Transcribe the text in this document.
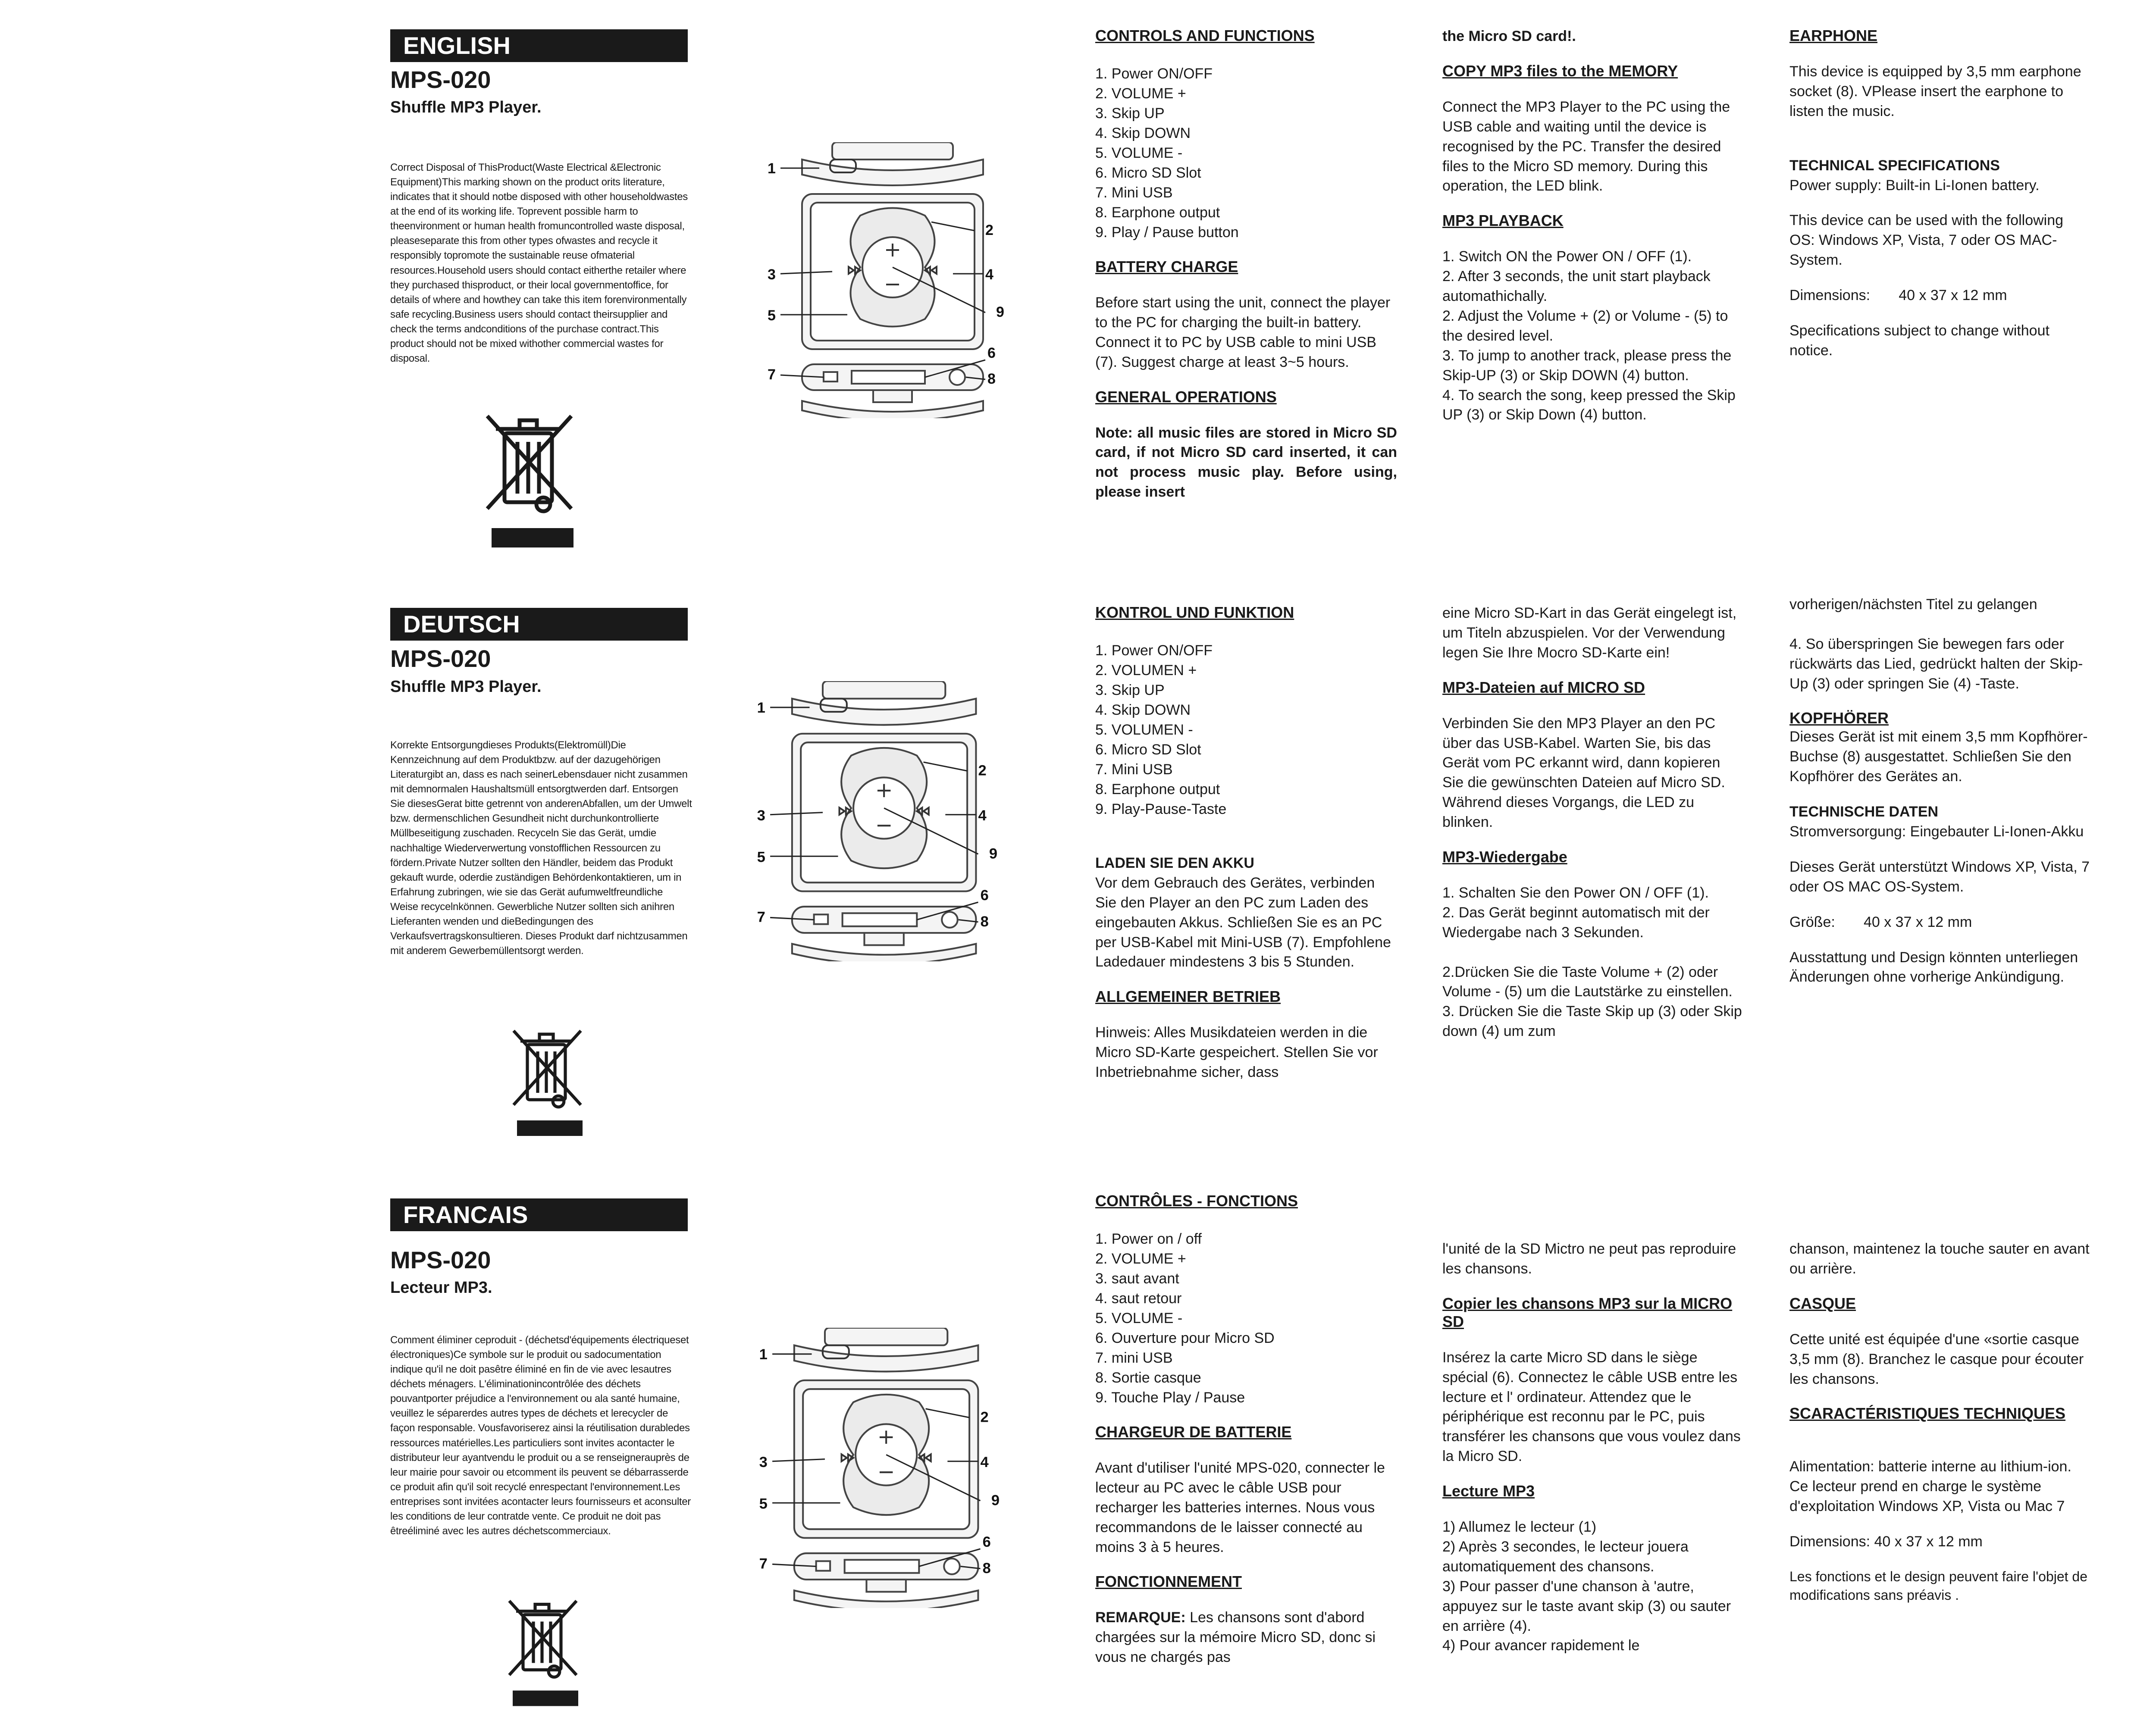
ENGLISH
MPS-020
Shuffle MP3 Player.

Correct Disposal of ThisProduct(Waste Electrical &Electronic Equipment)This marking shown on the product orits literature, indicates that it should notbe disposed with other householdwastes at the end of its working life. Toprevent possible harm to theenvironment or human health fromuncontrolled waste disposal, pleaseseparate this from other types ofwastes and recycle it responsibly topromote the sustainable reuse ofmaterial resources.Household users should contact eitherthe retailer where they purchased thisproduct, or their local governmentoffice, for details of where and howthey can take this item forenvironmentally safe recycling.Business users should contact theirsupplier and check the terms andconditions of the purchase contract.This product should not be mixed withother commercial wastes for disposal.

1
2
3	4
5	9
6
7	8

CONTROLS AND FUNCTIONS

1. Power ON/OFF
2. VOLUME +
3. Skip UP
4. Skip DOWN
5. VOLUME -
6. Micro SD Slot
7. Mini USB
8. Earphone output
9. Play / Pause button

BATTERY CHARGE

Before start using the unit, connect the player to the PC for charging the built-in battery. Connect it to PC by USB cable to mini USB (7). Suggest charge at least 3~5 hours.

GENERAL OPERATIONS

Note: all music files are stored in Micro SD card, if not Micro SD card inserted, it can not process music play. Before using, please insert

the Micro SD card!.

COPY MP3 files to the MEMORY

Connect the MP3 Player to the PC using the USB cable and waiting until the device is recognised by the PC. Transfer the desired files to the Micro SD memory. During this operation, the LED blink.

MP3 PLAYBACK

1. Switch ON the Power ON / OFF (1).
2. After 3 seconds, the unit start playback automathichally.
2. Adjust the Volume + (2) or Volume - (5) to the desired level.
3. To jump to another track, please press the Skip-UP (3) or Skip DOWN (4) button.
4. To search the song, keep pressed the Skip UP (3) or Skip Down (4) button.

EARPHONE

This device is equipped by 3,5 mm earphone socket (8). VPlease insert the earphone to listen the music.

TECHNICAL SPECIFICATIONS

Power supply: Built-in Li-Ionen battery.

This device can be used with the following OS: Windows XP, Vista, 7 oder OS MAC-System.

Dimensions: 40 x 37 x 12 mm

Specifications subject to change without notice.

DEUTSCH
MPS-020
Shuffle MP3 Player.

Korrekte Entsorgungdieses Produkts(Elektromüll)Die Kennzeichnung auf dem Produktbzw. auf der dazugehörigen Literaturgibt an, dass es nach seinerLebensdauer nicht zusammen mit demnormalen Haushaltsmüll entsorgtwerden darf. Entsorgen Sie diesesGerat bitte getrennt von anderenAbfallen, um der Umwelt bzw. dermenschlichen Gesundheit nicht durchunkontrollierte Müllbeseitigung zuschaden. Recyceln Sie das Gerät, umdie nachhaltige Wiederverwertung vonstofflichen Ressourcen zu fördern.Private Nutzer sollten den Händler, beidem das Produkt gekauft wurde, oderdie zuständigen Behördenkontaktieren, um in Erfahrung zubringen, wie sie das Gerät aufumweltfreundliche Weise recycelnkönnen. Gewerbliche Nutzer sollten sich anihren Lieferanten wenden und dieBedingungen des Verkaufsvertragskonsultieren. Dieses Produkt darf nichtzusammen mit anderem Gewerbemüllentsorgt werden.

1
2
3	4
5	9
6
7	8

KONTROL UND FUNKTION

1. Power ON/OFF
2. VOLUMEN +
3. Skip UP
4. Skip DOWN
5. VOLUMEN -
6. Micro SD Slot
7. Mini USB
8. Earphone output
9. Play-Pause-Taste

LADEN SIE DEN AKKU

Vor dem Gebrauch des Gerätes, verbinden Sie den Player an den PC zum Laden des eingebauten Akkus. Schließen Sie es an PC per USB-Kabel mit Mini-USB (7). Empfohlene Ladedauer mindestens 3 bis 5 Stunden.

ALLGEMEINER BETRIEB

Hinweis: Alles Musikdateien werden in die Micro SD-Karte gespeichert. Stellen Sie vor Inbetriebnahme sicher, dass

eine Micro SD-Kart in das Gerät eingelegt ist, um Titeln abzuspielen. Vor der Verwendung legen Sie Ihre Mocro SD-Karte ein!

MP3-Dateien auf MICRO SD

Verbinden Sie den MP3 Player an den PC über das USB-Kabel. Warten Sie, bis das Gerät vom PC erkannt wird, dann kopieren Sie die gewünschten Dateien auf Micro SD.
Während dieses Vorgangs, die LED zu blinken.

MP3-Wiedergabe

1. Schalten Sie den Power ON / OFF (1).
2. Das Gerät beginnt automatisch mit der Wiedergabe nach 3 Sekunden.

2.Drücken Sie die Taste Volume + (2) oder Volume - (5) um die Lautstärke zu einstellen.
3. Drücken Sie die Taste Skip up (3) oder Skip down (4) um zum

vorherigen/nächsten Titel zu gelangen

4. So überspringen Sie bewegen fars oder rückwärts das Lied, gedrückt halten der Skip-Up (3) oder springen Sie (4) -Taste.

KOPFHÖRER

Dieses Gerät ist mit einem 3,5 mm Kopfhörer-Buchse (8) ausgestattet. Schließen Sie den Kopfhörer des Gerätes an.

TECHNISCHE DATEN

Stromversorgung: Eingebauter Li-Ionen-Akku

Dieses Gerät unterstützt Windows XP, Vista, 7 oder OS MAC OS-System.

Größe: 40 x 37 x 12 mm

Ausstattung und Design könnten unterliegen Änderungen ohne vorherige Ankündigung.

FRANCAIS
MPS-020
Lecteur MP3.

Comment éliminer ceproduit - (déchetsd'équipements électriqueset électroniques)Ce symbole sur le produit ou sadocumentation indique qu'il ne doit pasêtre éliminé en fin de vie avec lesautres déchets ménagers. L'éliminationincontrôlée des déchets pouvantporter préjudice a l'environnement ou ala santé humaine, veuillez le séparerdes autres types de déchets et lerecycler de façon responsable. Vousfavoriserez ainsi la réutilisation durabledes ressources matérielles.Les particuliers sont invites acontacter le distributeur leur ayantvendu le produit ou a se renseignerauprès de leur mairie pour savoir ou etcomment ils peuvent se débarrasserde ce produit afin qu'il soit recyclé enrespectant l'environnement.Les entreprises sont invitées acontacter leurs fournisseurs et aconsulter les conditions de leur contratde vente. Ce produit ne doit pas êtreéliminé avec les autres déchetscommerciaux.

1
2
3	4
5	9
6
7	8

CONTRÔLES - FONCTIONS

1. Power on / off
2. VOLUME +
3. saut avant
4. saut retour
5. VOLUME -
6. Ouverture pour Micro SD
7. mini USB
8. Sortie casque
9. Touche Play / Pause

CHARGEUR DE BATTERIE

Avant d'utiliser l'unité MPS-020, connecter le lecteur au PC avec le câble USB pour recharger les batteries internes. Nous vous recommandons de le laisser connecté au moins 3 à 5 heures.

FONCTIONNEMENT

REMARQUE: Les chansons sont d'abord chargées sur la mémoire Micro SD, donc si vous ne chargés pas

l'unité de la SD Mictro ne peut pas reproduire les chansons.

Copier les chansons MP3 sur la MICRO SD

Insérez la carte Micro SD dans le siège spécial (6). Connectez le câble USB entre les lecture et l' ordinateur. Attendez que le périphérique est reconnu par le PC, puis transférer les chansons que vous voulez dans la Micro SD.

Lecture MP3

1) Allumez le lecteur (1)
2) Après 3 secondes, le lecteur jouera automatiquement des chansons.
3) Pour passer d'une chanson à 'autre, appuyez sur le taste avant skip (3) ou sauter en arrière (4).
4) Pour avancer rapidement le

chanson, maintenez la touche sauter en avant ou arrière.

CASQUE

Cette unité est équipée d'une «sortie casque 3,5 mm (8). Branchez le casque pour écouter les chansons.

SCARACTÉRISTIQUES TECHNIQUES

Alimentation: batterie interne au lithium-ion.
Ce lecteur prend en charge le système d'exploitation Windows XP, Vista ou Mac 7

Dimensions: 40 x 37 x 12 mm

Les fonctions et le design peuvent faire l'objet de modifications sans préavis .
